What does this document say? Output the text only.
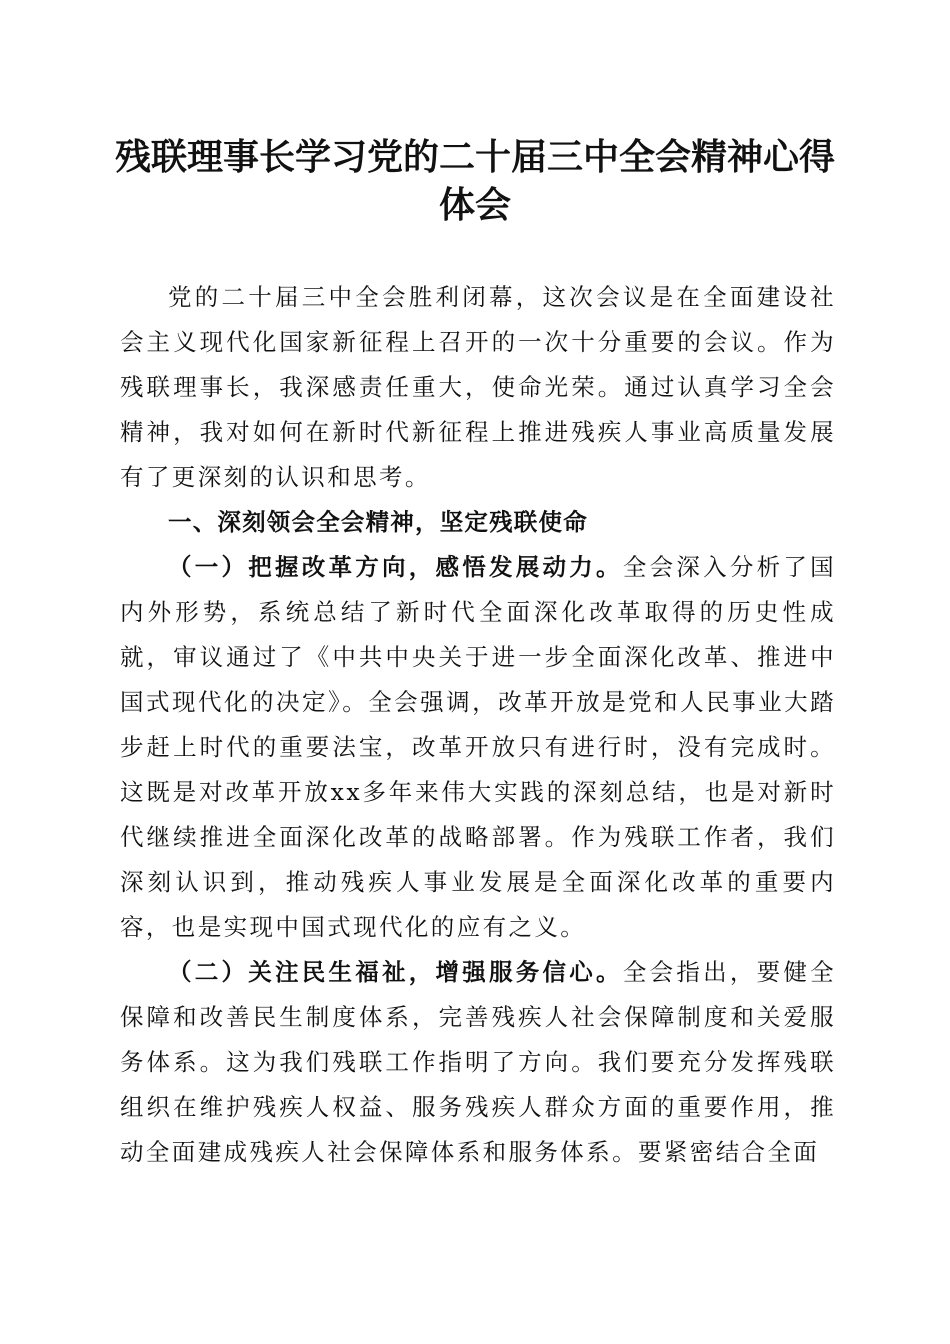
残联理事长学习党的二十届三中全会精神心得体会

党的二十届三中全会胜利闭幕，这次会议是在全面建设社会主义现代化国家新征程上召开的一次十分重要的会议。作为残联理事长，我深感责任重大，使命光荣。通过认真学习全会精神，我对如何在新时代新征程上推进残疾人事业高质量发展有了更深刻的认识和思考。

一、深刻领会全会精神，坚定残联使命

（一）把握改革方向，感悟发展动力。全会深入分析了国内外形势，系统总结了新时代全面深化改革取得的历史性成就，审议通过了《中共中央关于进一步全面深化改革、推进中国式现代化的决定》。全会强调，改革开放是党和人民事业大踏步赶上时代的重要法宝，改革开放只有进行时，没有完成时。这既是对改革开放xx多年来伟大实践的深刻总结，也是对新时代继续推进全面深化改革的战略部署。作为残联工作者，我们深刻认识到，推动残疾人事业发展是全面深化改革的重要内容，也是实现中国式现代化的应有之义。

（二）关注民生福祉，增强服务信心。全会指出，要健全保障和改善民生制度体系，完善残疾人社会保障制度和关爱服务体系。这为我们残联工作指明了方向。我们要充分发挥残联组织在维护残疾人权益、服务残疾人群众方面的重要作用，推动全面建成残疾人社会保障体系和服务体系。要紧密结合全面
